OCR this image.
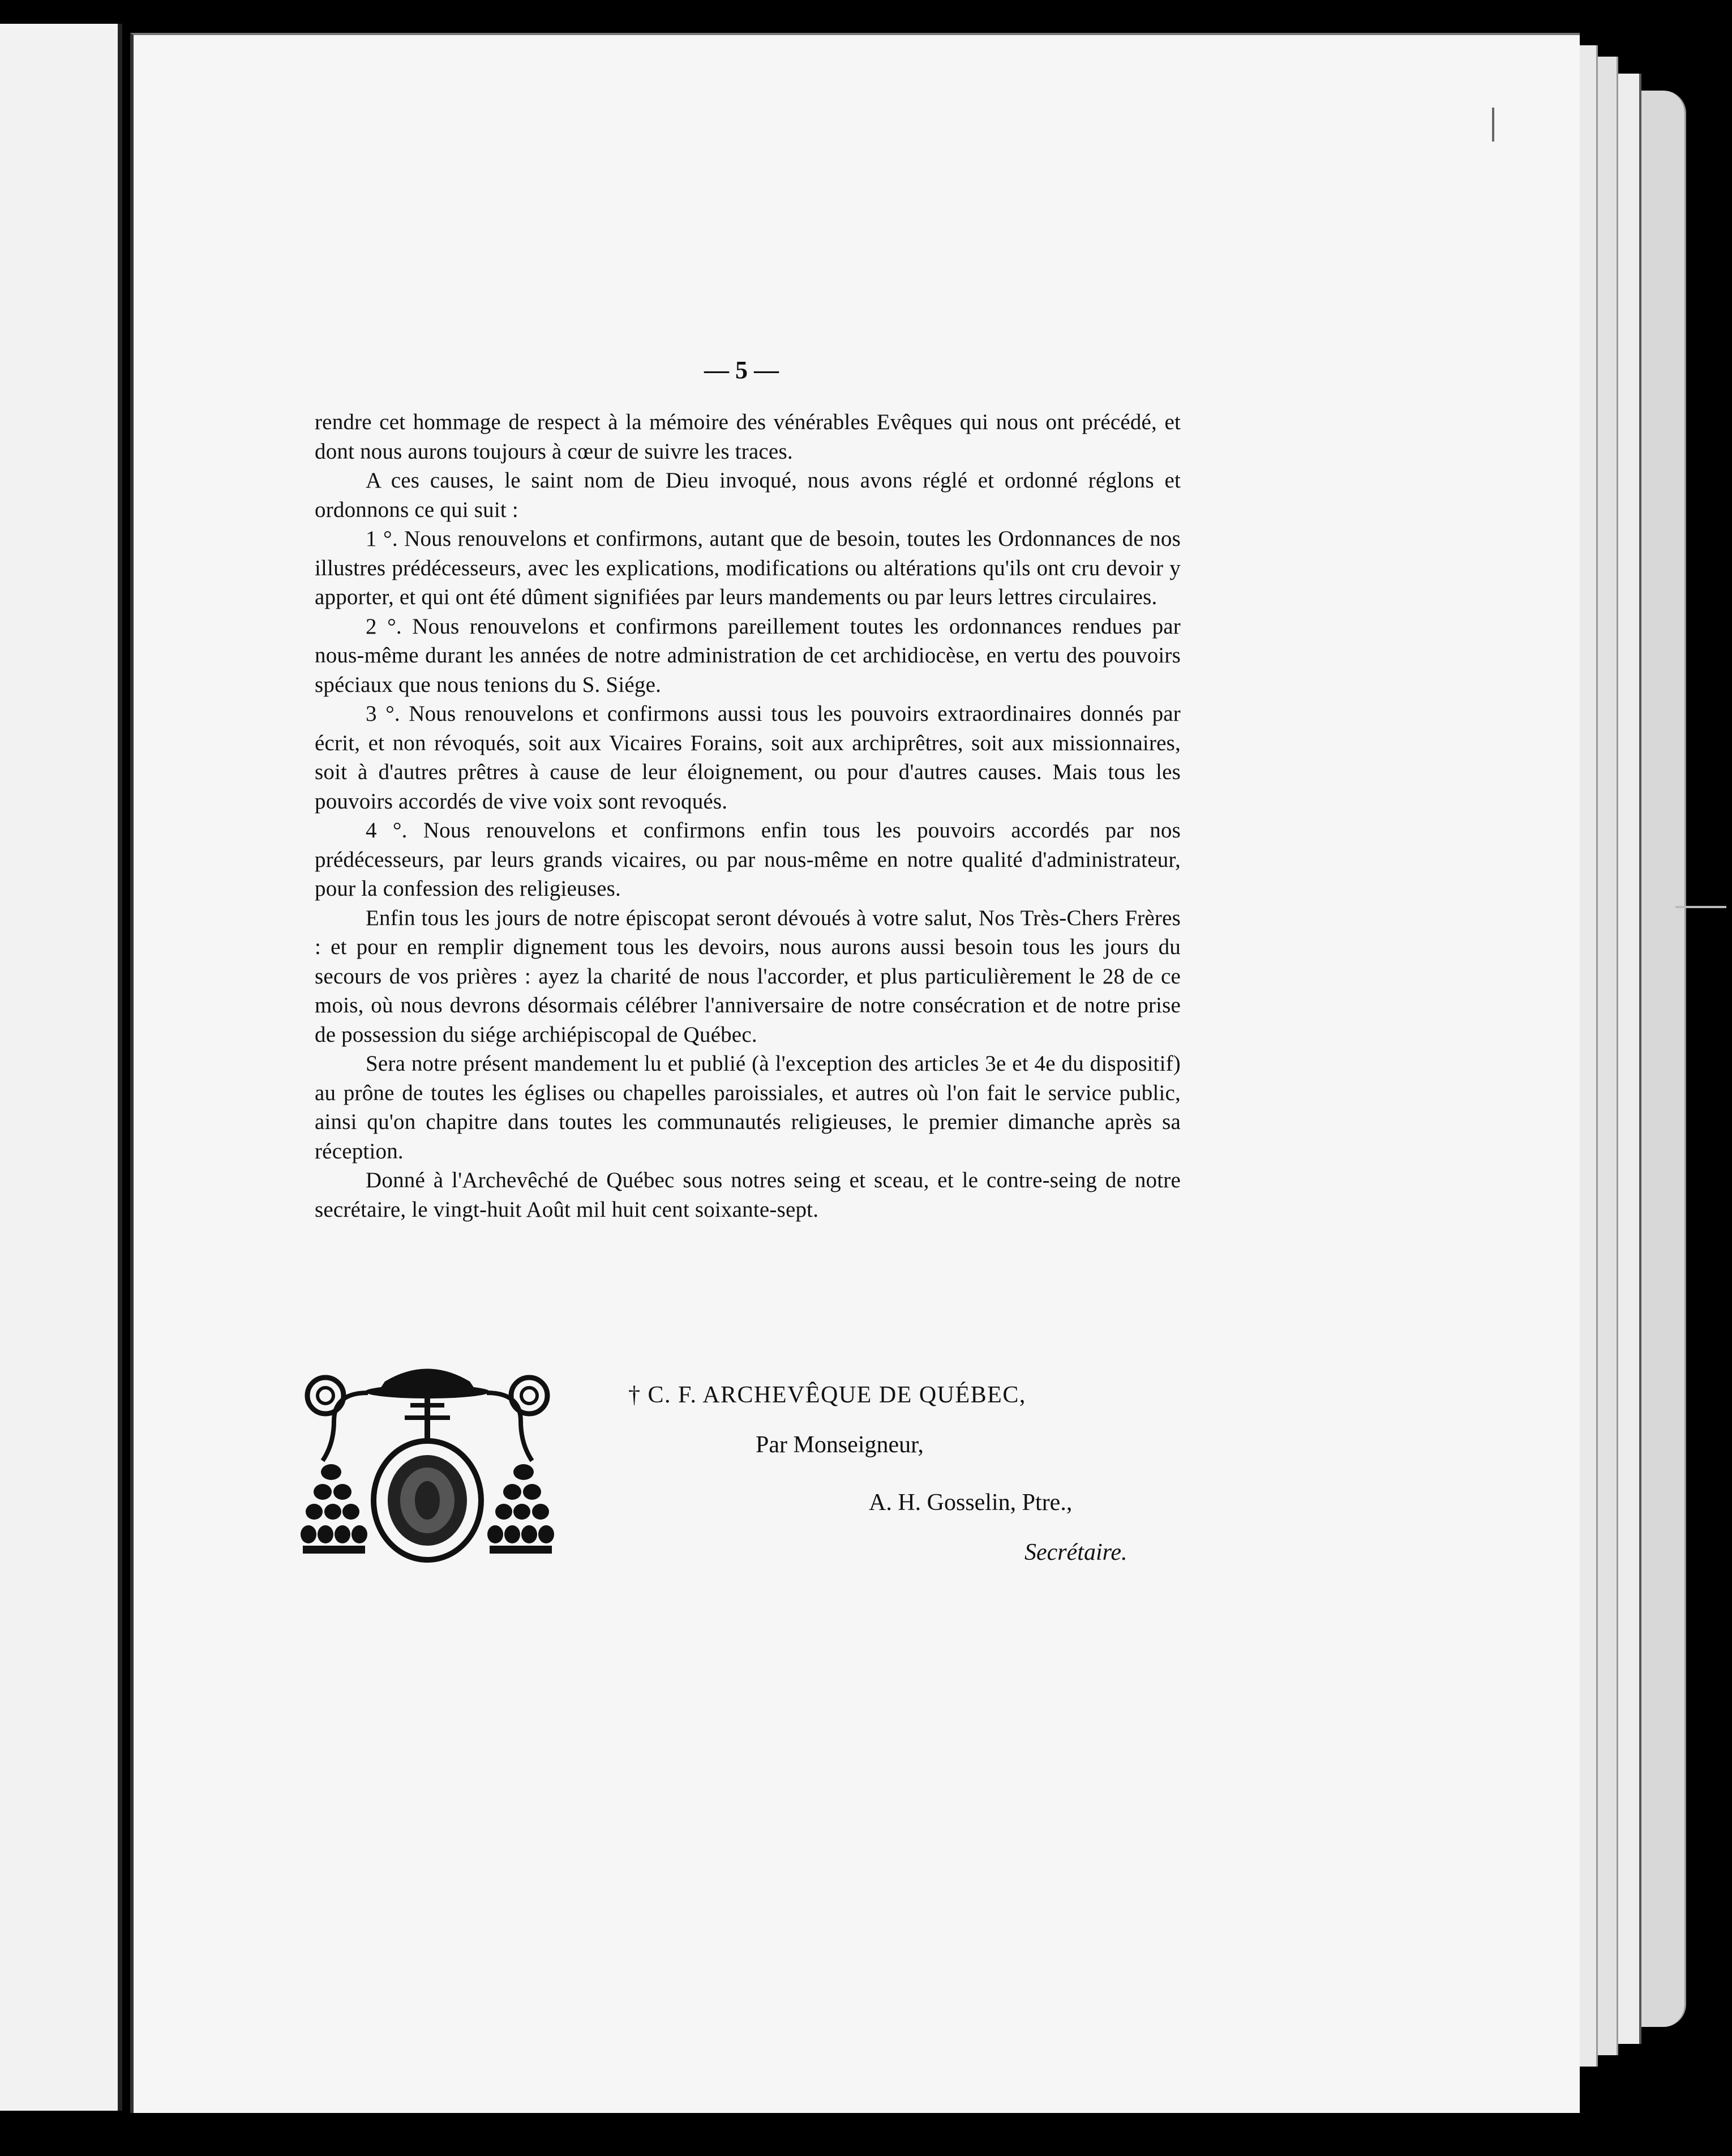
— 5 —

rendre cet hommage de respect à la mémoire des vénérables Evêques qui nous ont précédé, et dont nous aurons toujours à cœur de suivre les traces.

A ces causes, le saint nom de Dieu invoqué, nous avons réglé et ordonné réglons et ordonnons ce qui suit :

1 °. Nous renouvelons et confirmons, autant que de besoin, toutes les Ordonnances de nos illustres prédécesseurs, avec les explications, modifications ou altérations qu'ils ont cru devoir y apporter, et qui ont été dûment signifiées par leurs mandements ou par leurs lettres circulaires.

2 °. Nous renouvelons et confirmons pareillement toutes les ordonnances rendues par nous-même durant les années de notre administration de cet archidiocèse, en vertu des pouvoirs spéciaux que nous tenions du S. Siége.

3 °. Nous renouvelons et confirmons aussi tous les pouvoirs extraordinaires donnés par écrit, et non révoqués, soit aux Vicaires Forains, soit aux archiprêtres, soit aux missionnaires, soit à d'autres prêtres à cause de leur éloignement, ou pour d'autres causes. Mais tous les pouvoirs accordés de vive voix sont revoqués.

4 °. Nous renouvelons et confirmons enfin tous les pouvoirs accordés par nos prédécesseurs, par leurs grands vicaires, ou par nous-même en notre qualité d'administrateur, pour la confession des religieuses.

Enfin tous les jours de notre épiscopat seront dévoués à votre salut, Nos Très-Chers Frères : et pour en remplir dignement tous les devoirs, nous aurons aussi besoin tous les jours du secours de vos prières : ayez la charité de nous l'accorder, et plus particulièrement le 28 de ce mois, où nous devrons désormais célébrer l'anniversaire de notre consécration et de notre prise de possession du siége archiépiscopal de Québec.

Sera notre présent mandement lu et publié (à l'exception des articles 3e et 4e du dispositif) au prône de toutes les églises ou chapelles paroissiales, et autres où l'on fait le service public, ainsi qu'on chapitre dans toutes les communautés religieuses, le premier dimanche après sa réception.

Donné à l'Archevêché de Québec sous notres seing et sceau, et le contre-seing de notre secrétaire, le vingt-huit Août mil huit cent soixante-sept.

† C. F. ARCHEVÊQUE DE QUÉBEC,
Par Monseigneur,
A. H. Gosselin, Ptre.,
Secrétaire.
